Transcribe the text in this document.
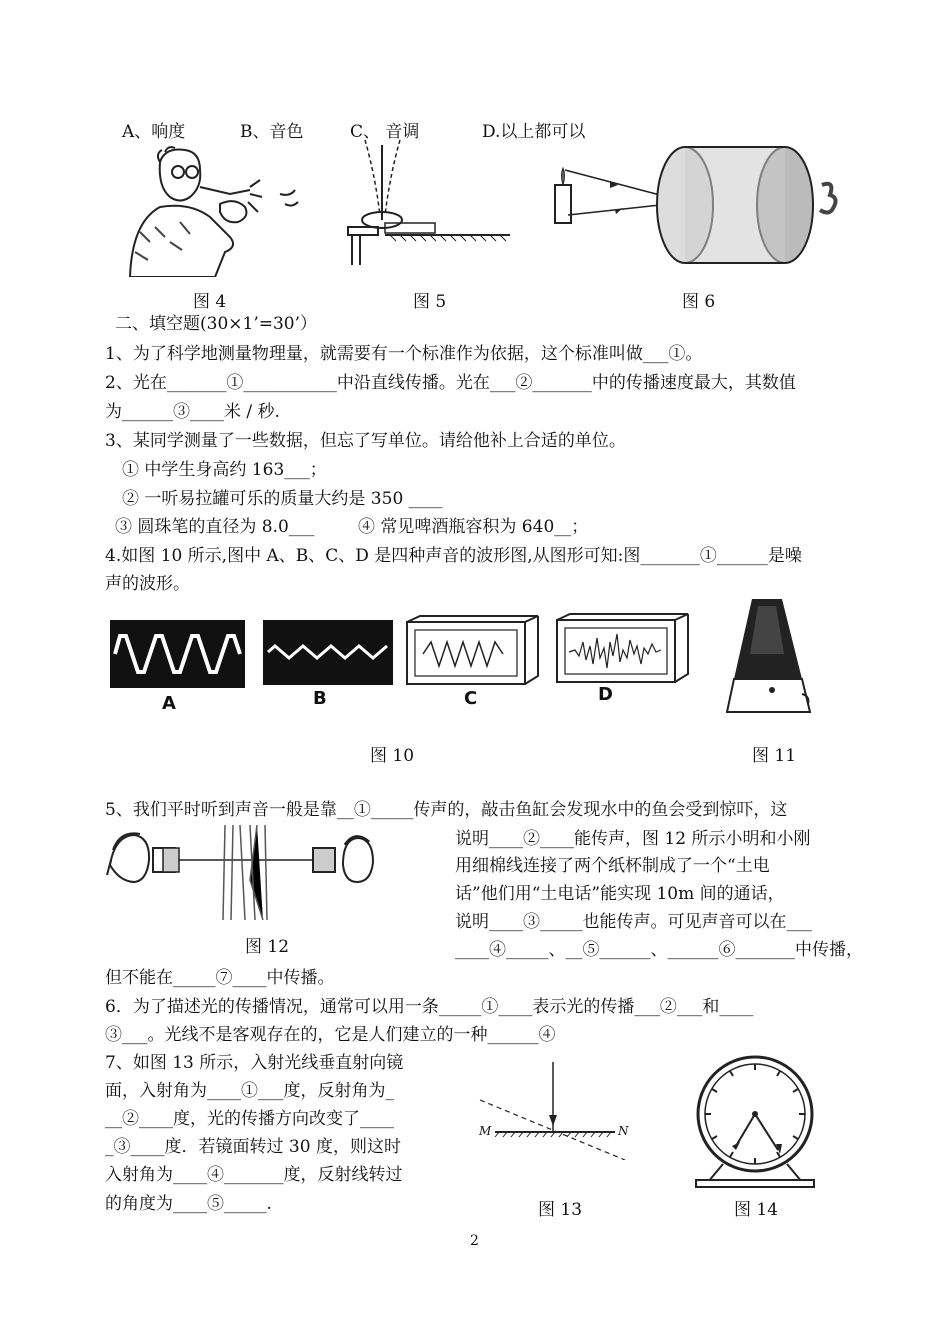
A、响度	B、音色	C、 音调	D.以上都可以
图 4	图 5	图 6
二、填空题(30×1’=30’）
1、为了科学地测量物理量，就需要有一个标准作为依据，这个标准叫做___①。
2、光在_______①___________中沿直线传播。光在___②_______中的传播速度最大，其数值
为______③____米 / 秒.
3、某同学测量了一些数据，但忘了写单位。请给他补上合适的单位。
① 中学生身高约 163___；
② 一听易拉罐可乐的质量大约是 350 ____
③ 圆珠笔的直径为 8.0___	④ 常见啤酒瓶容积为 640__；
4.如图 10 所示,图中 A、B、C、D 是四种声音的波形图,从图形可知:图_______①______是噪
声的波形。
A	B	C	D
图 10	图 11
5、我们平时听到声音一般是靠__①_____传声的，敲击鱼缸会发现水中的鱼会受到惊吓，这
图 12
说明____②____能传声，图 12 所示小明和小刚
用细棉线连接了两个纸杯制成了一个“土电
话”他们用“土电话”能实现 10m 间的通话，
说明____③_____也能传声。可见声音可以在___
____④_____、__⑤______、______⑥_______中传播，
但不能在_____⑦____中传播。
6．为了描述光的传播情况，通常可以用一条_____①____表示光的传播___②___和____
③___。光线不是客观存在的，它是人们建立的一种______④
7、如图 13 所示，入射光线垂直射向镜
面，入射角为____①___度，反射角为_
__②____度，光的传播方向改变了____
_③____度．若镜面转过 30 度，则这时
入射角为____④_______度，反射线转过
的角度为____⑤_____.
M	N
图 13	图 14
2
